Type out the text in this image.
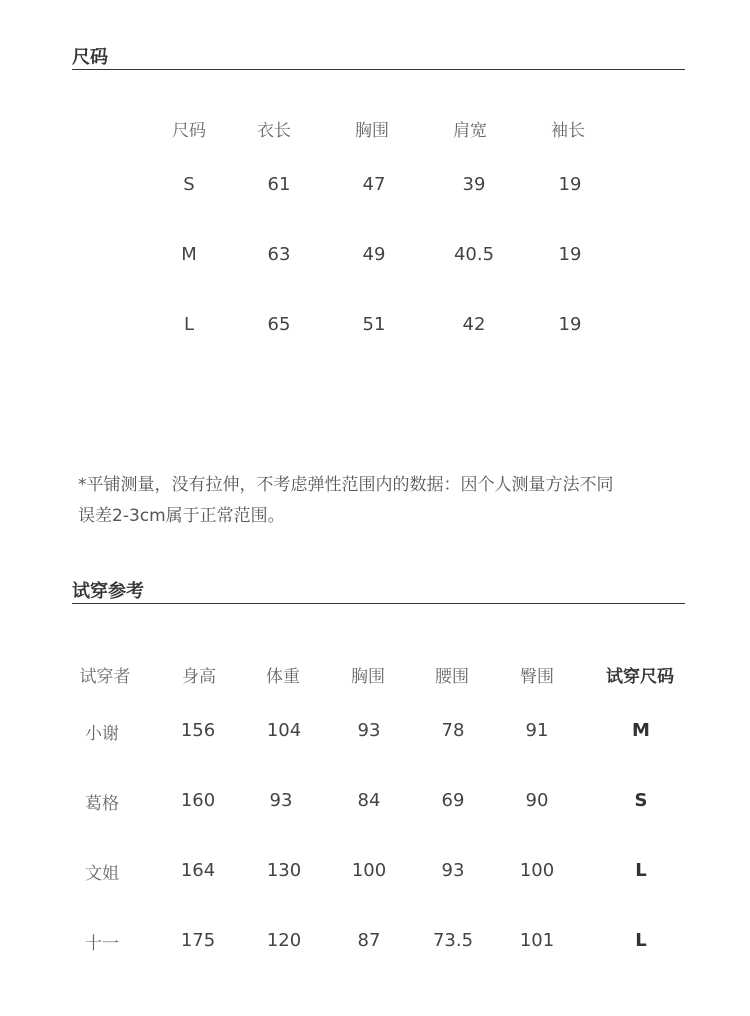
尺码
尺码	衣长	胸围	肩宽	袖长
S	61	47	39	19
M	63	49	40.5	19
L	65	51	42	19
*平铺测量，没有拉伸，不考虑弹性范围内的数据：因个人测量方法不同
误差2-3cm属于正常范围。
试穿参考
试穿者	身高	体重	胸围	腰围	臀围	试穿尺码
小谢	156	104	93	78	91	M
葛格	160	93	84	69	90	S
文姐	164	130	100	93	100	L
十一	175	120	87	73.5	101	L
